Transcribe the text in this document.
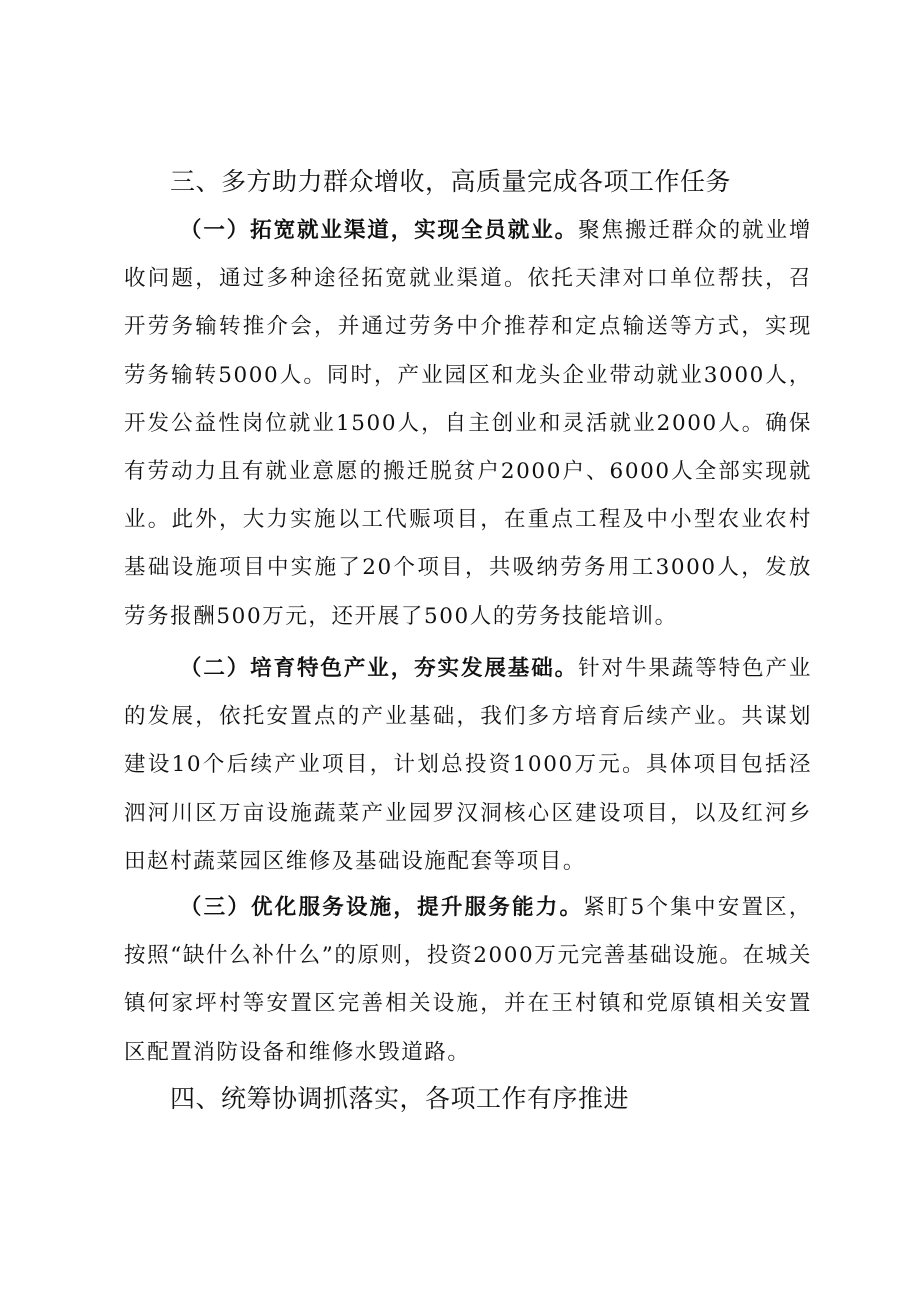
三、多方助力群众增收，高质量完成各项工作任务

（一）拓宽就业渠道，实现全员就业。聚焦搬迁群众的就业增收问题，通过多种途径拓宽就业渠道。依托天津对口单位帮扶，召开劳务输转推介会，并通过劳务中介推荐和定点输送等方式，实现劳务输转5000人。同时，产业园区和龙头企业带动就业3000人，开发公益性岗位就业1500人，自主创业和灵活就业2000人。确保有劳动力且有就业意愿的搬迁脱贫户2000户、6000人全部实现就业。此外，大力实施以工代赈项目，在重点工程及中小型农业农村基础设施项目中实施了20个项目，共吸纳劳务用工3000人，发放劳务报酬500万元，还开展了500人的劳务技能培训。

（二）培育特色产业，夯实发展基础。针对牛果蔬等特色产业的发展，依托安置点的产业基础，我们多方培育后续产业。共谋划建设10个后续产业项目，计划总投资1000万元。具体项目包括泾泗河川区万亩设施蔬菜产业园罗汉洞核心区建设项目，以及红河乡田赵村蔬菜园区维修及基础设施配套等项目。

（三）优化服务设施，提升服务能力。紧盯5个集中安置区，按照“缺什么补什么”的原则，投资2000万元完善基础设施。在城关镇何家坪村等安置区完善相关设施，并在王村镇和党原镇相关安置区配置消防设备和维修水毁道路。

四、统筹协调抓落实，各项工作有序推进
